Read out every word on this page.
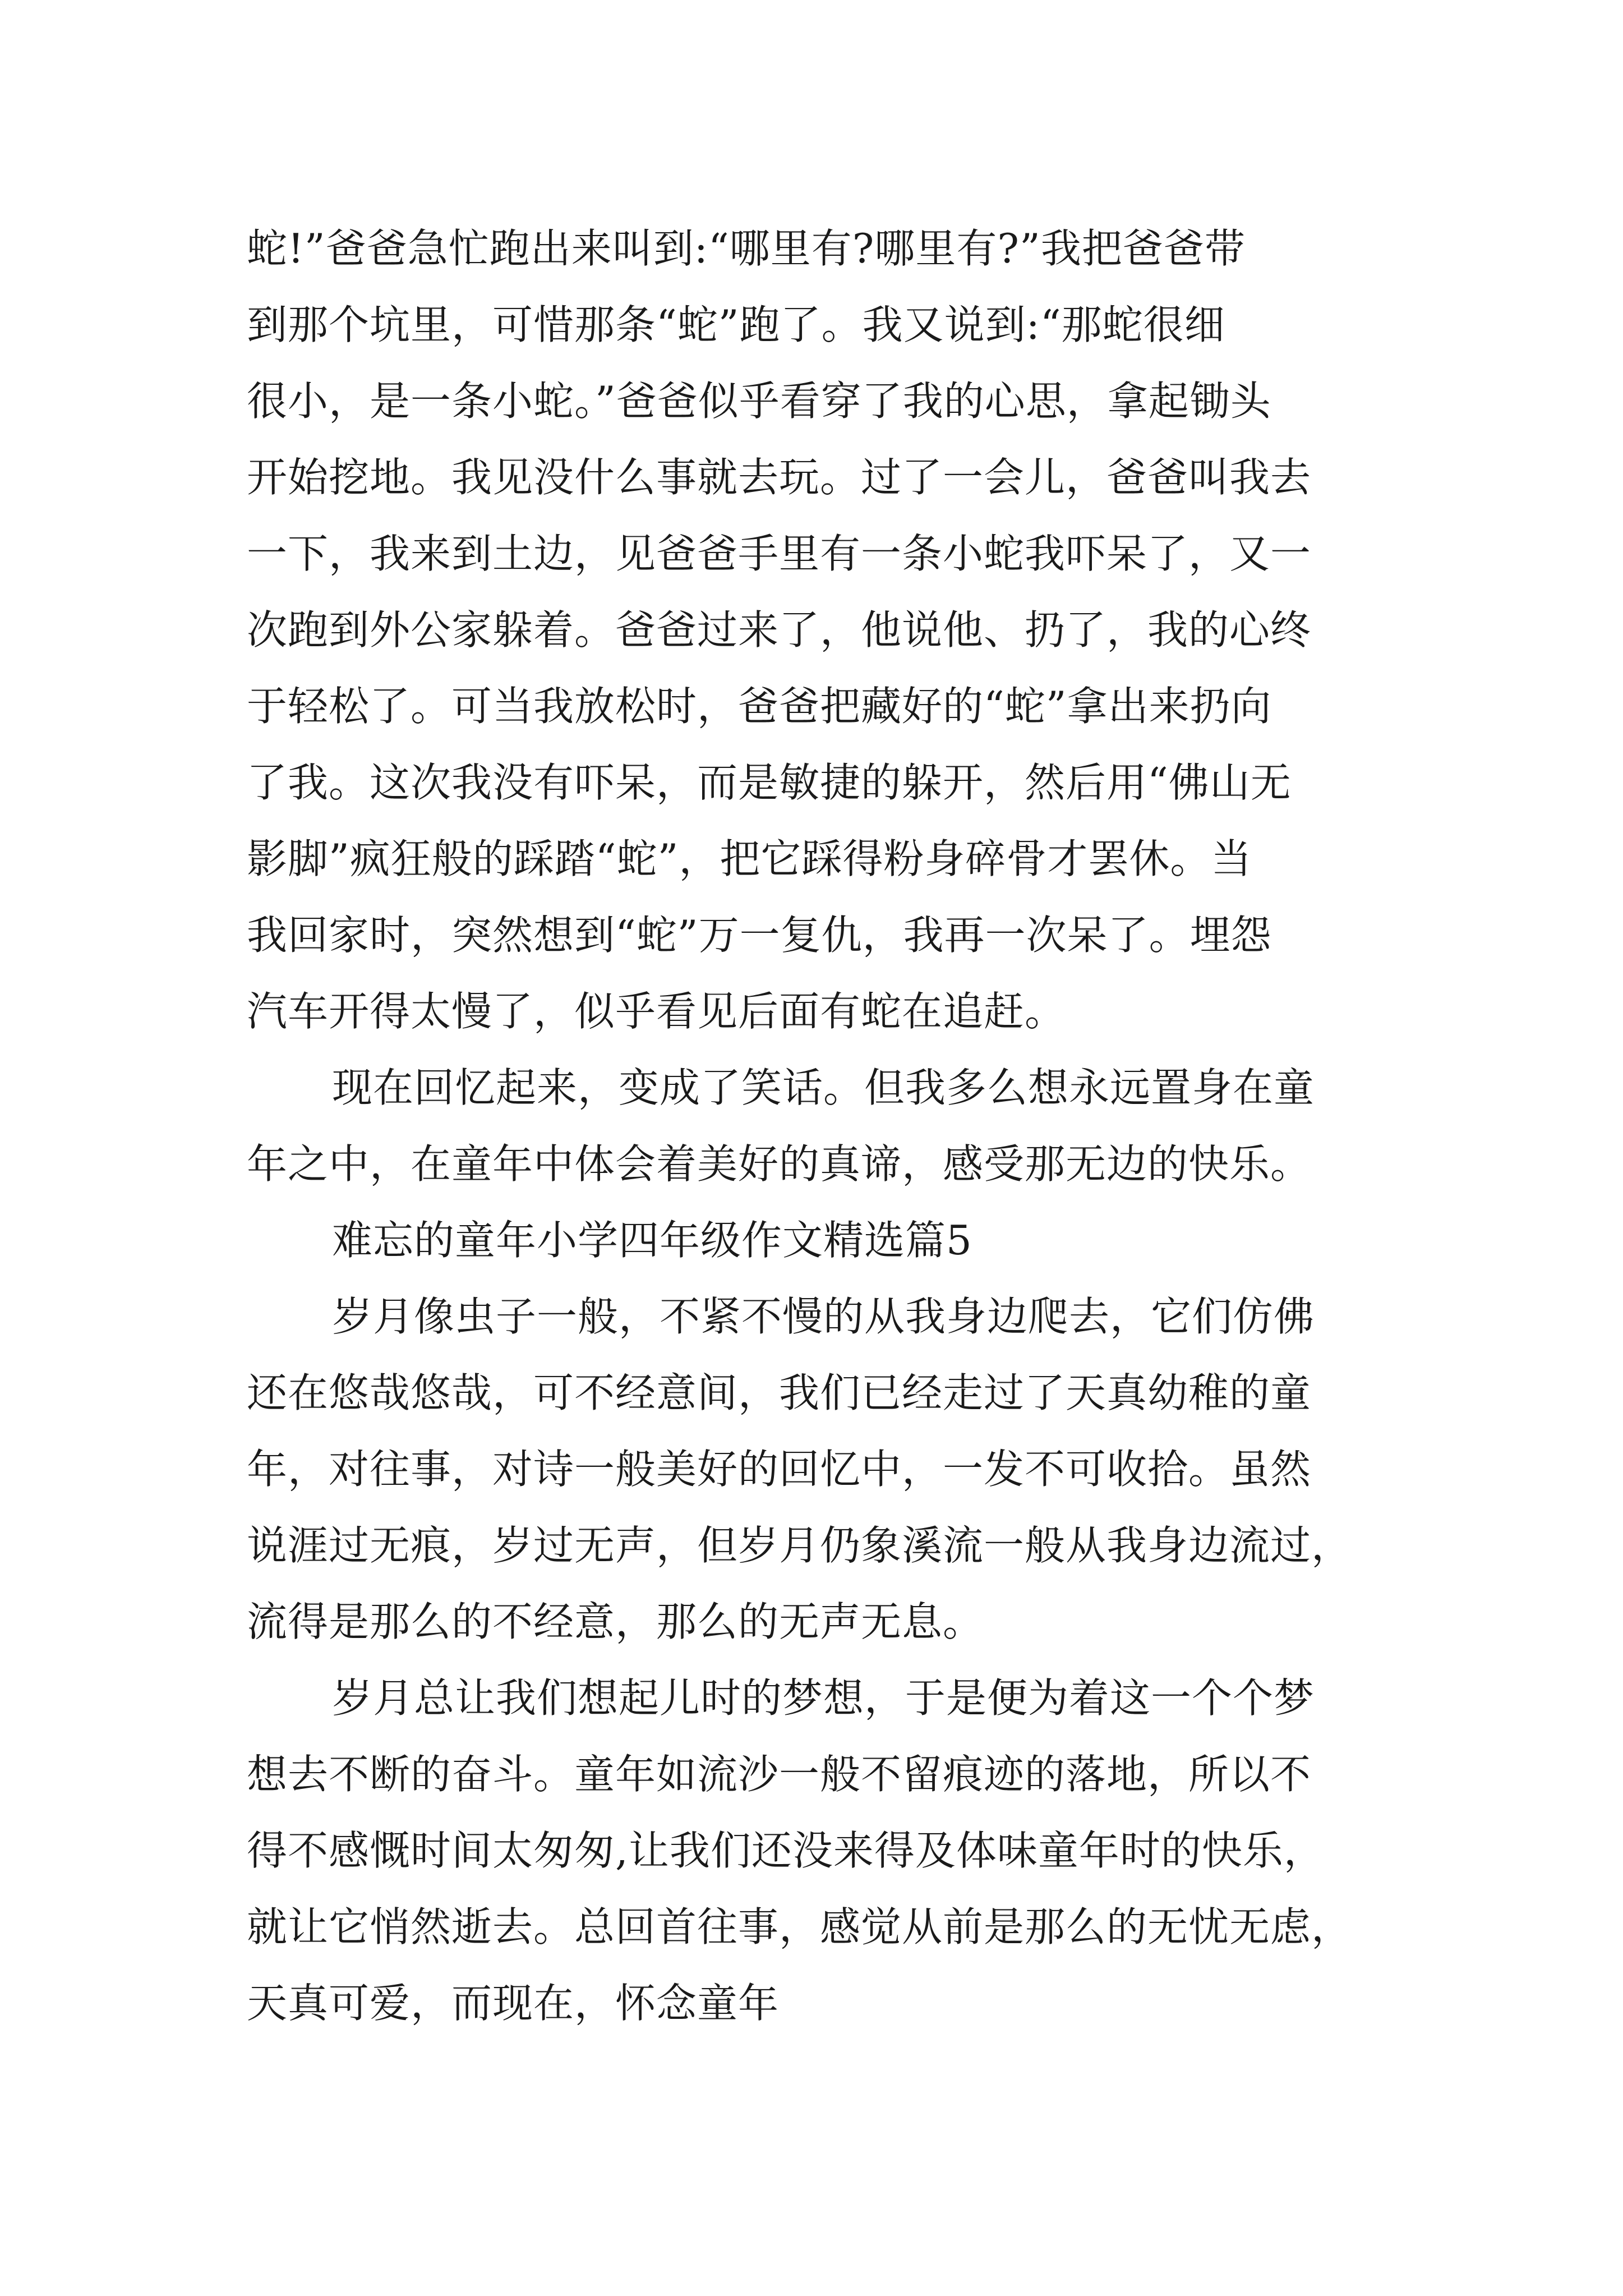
蛇!”爸爸急忙跑出来叫到:“哪里有?哪里有?”我把爸爸带
到那个坑里，可惜那条“蛇”跑了。我又说到:“那蛇很细
很小，是一条小蛇。”爸爸似乎看穿了我的心思，拿起锄头
开始挖地。我见没什么事就去玩。过了一会儿，爸爸叫我去
一下，我来到土边，见爸爸手里有一条小蛇我吓呆了，又一
次跑到外公家躲着。爸爸过来了，他说他、扔了，我的心终
于轻松了。可当我放松时，爸爸把藏好的“蛇”拿出来扔向
了我。这次我没有吓呆，而是敏捷的躲开，然后用“佛山无
影脚”疯狂般的踩踏“蛇”，把它踩得粉身碎骨才罢休。当
我回家时，突然想到“蛇”万一复仇，我再一次呆了。埋怨
汽车开得太慢了，似乎看见后面有蛇在追赶。
现在回忆起来，变成了笑话。但我多么想永远置身在童
年之中，在童年中体会着美好的真谛，感受那无边的快乐。
难忘的童年小学四年级作文精选篇5
岁月像虫子一般，不紧不慢的从我身边爬去，它们仿佛
还在悠哉悠哉，可不经意间，我们已经走过了天真幼稚的童
年，对往事，对诗一般美好的回忆中，一发不可收拾。虽然
说涯过无痕，岁过无声，但岁月仍象溪流一般从我身边流过，
流得是那么的不经意，那么的无声无息。
岁月总让我们想起儿时的梦想，于是便为着这一个个梦
想去不断的奋斗。童年如流沙一般不留痕迹的落地，所以不
得不感慨时间太匆匆,让我们还没来得及体味童年时的快乐，
就让它悄然逝去。总回首往事，感觉从前是那么的无忧无虑，
天真可爱，而现在，怀念童年
